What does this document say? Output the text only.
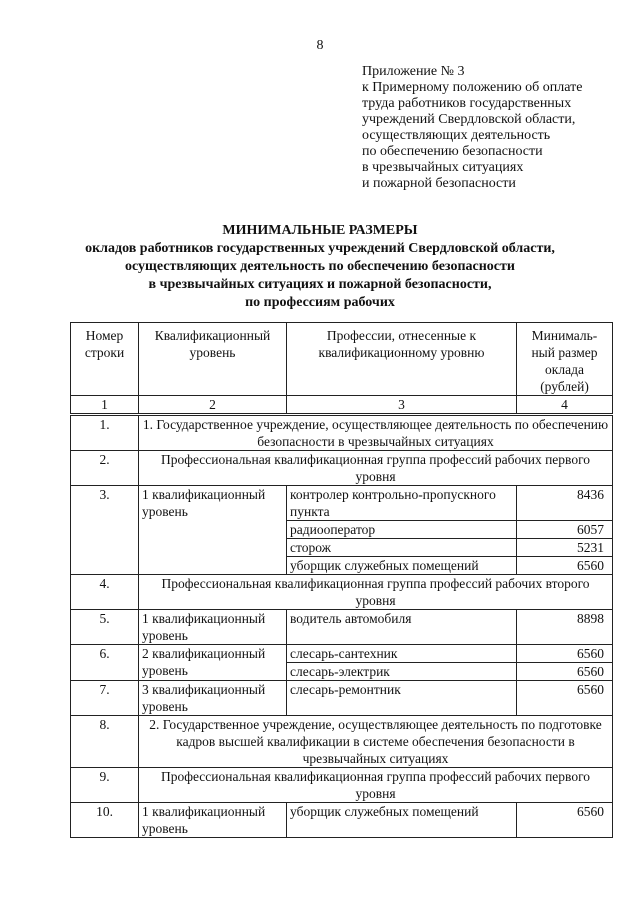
8
Приложение № 3
к Примерному положению об оплате
труда работников государственных
учреждений Свердловской области,
осуществляющих деятельность
по обеспечению безопасности
в чрезвычайных ситуациях
и пожарной безопасности
МИНИМАЛЬНЫЕ РАЗМЕРЫ
окладов работников государственных учреждений Свердловской области,
осуществляющих деятельность по обеспечению безопасности
в чрезвычайных ситуациях и пожарной безопасности,
по профессиям рабочих
Номер строки	Квалификационный уровень	Профессии, отнесенные к квалификационному уровню	Минималь-ный размер оклада (рублей)
1	2	3	4
1.	1. Государственное учреждение, осуществляющее деятельность по обеспечению безопасности в чрезвычайных ситуациях		
2.	Профессиональная квалификационная группа профессий рабочих первого уровня		
3.	1 квалификационный уровень	контролер контрольно-пропускного пункта	8436
		радиооператор	6057
		сторож	5231
		уборщик служебных помещений	6560
4.	Профессиональная квалификационная группа профессий рабочих второго уровня		
5.	1 квалификационный уровень	водитель автомобиля	8898
6.	2 квалификационный уровень	слесарь-сантехник	6560
		слесарь-электрик	6560
7.	3 квалификационный уровень	слесарь-ремонтник	6560
8.	2. Государственное учреждение, осуществляющее деятельность по подготовке кадров высшей квалификации в системе обеспечения безопасности в чрезвычайных ситуациях		
9.	Профессиональная квалификационная группа профессий рабочих первого уровня		
10.	1 квалификационный уровень	уборщик служебных помещений	6560
